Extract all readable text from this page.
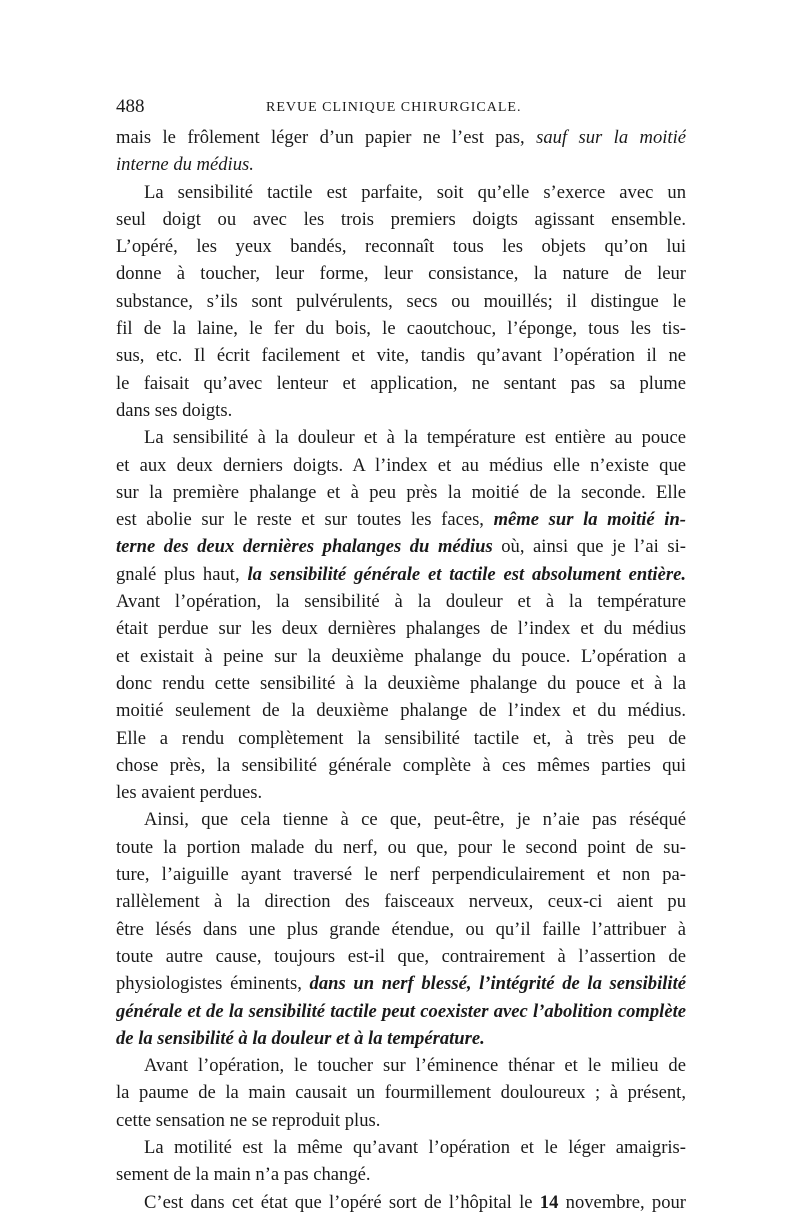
488	REVUE CLINIQUE CHIRURGICALE.
mais le frôlement léger d’un papier ne l’est pas, sauf sur la moitié
interne du médius.
La sensibilité tactile est parfaite, soit qu’elle s’exerce avec un
seul doigt ou avec les trois premiers doigts agissant ensemble.
L’opéré, les yeux bandés, reconnaît tous les objets qu’on lui
donne à toucher, leur forme, leur consistance, la nature de leur
substance, s’ils sont pulvérulents, secs ou mouillés; il distingue le
fil de la laine, le fer du bois, le caoutchouc, l’éponge, tous les tis-
sus, etc. Il écrit facilement et vite, tandis qu’avant l’opération il ne
le faisait qu’avec lenteur et application, ne sentant pas sa plume
dans ses doigts.
La sensibilité à la douleur et à la température est entière au pouce
et aux deux derniers doigts. A l’index et au médius elle n’existe que
sur la première phalange et à peu près la moitié de la seconde. Elle
est abolie sur le reste et sur toutes les faces, même sur la moitié in-
terne des deux dernières phalanges du médius où, ainsi que je l’ai si-
gnalé plus haut, la sensibilité générale et tactile est absolument entière.
Avant l’opération, la sensibilité à la douleur et à la température
était perdue sur les deux dernières phalanges de l’index et du médius
et existait à peine sur la deuxième phalange du pouce. L’opération a
donc rendu cette sensibilité à la deuxième phalange du pouce et à la
moitié seulement de la deuxième phalange de l’index et du médius.
Elle a rendu complètement la sensibilité tactile et, à très peu de
chose près, la sensibilité générale complète à ces mêmes parties qui
les avaient perdues.
Ainsi, que cela tienne à ce que, peut-être, je n’aie pas réséqué
toute la portion malade du nerf, ou que, pour le second point de su-
ture, l’aiguille ayant traversé le nerf perpendiculairement et non pa-
rallèlement à la direction des faisceaux nerveux, ceux-ci aient pu
être lésés dans une plus grande étendue, ou qu’il faille l’attribuer à
toute autre cause, toujours est-il que, contrairement à l’assertion de
physiologistes éminents, dans un nerf blessé, l’intégrité de la sensibilité
générale et de la sensibilité tactile peut coexister avec l’abolition complète
de la sensibilité à la douleur et à la température.
Avant l’opération, le toucher sur l’éminence thénar et le milieu de
la paume de la main causait un fourmillement douloureux ; à présent,
cette sensation ne se reproduit plus.
La motilité est la même qu’avant l’opération et le léger amaigris-
sement de la main n’a pas changé.
C’est dans cet état que l’opéré sort de l’hôpital le 14 novembre, pour
